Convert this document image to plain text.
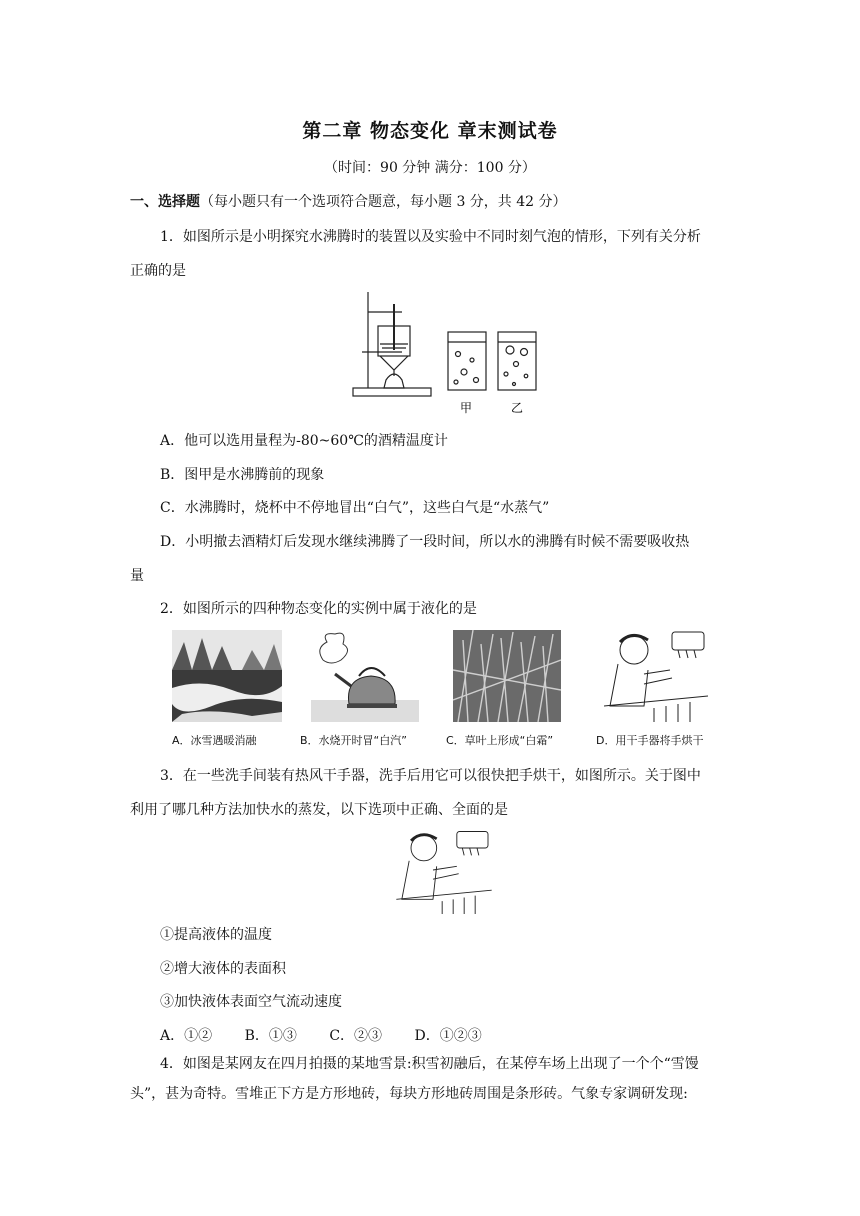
第二章 物态变化 章末测试卷
（时间：90 分钟 满分：100 分）
一、选择题（每小题只有一个选项符合题意，每小题 3 分，共 42 分）
1．如图所示是小明探究水沸腾时的装置以及实验中不同时刻气泡的情形，下列有关分析
正确的是
甲	乙
A．他可以选用量程为-80~60℃的酒精温度计
B．图甲是水沸腾前的现象
C．水沸腾时，烧杯中不停地冒出“白气”，这些白气是“水蒸气”
D．小明撤去酒精灯后发现水继续沸腾了一段时间，所以水的沸腾有时候不需要吸收热
量
2．如图所示的四种物态变化的实例中属于液化的是
A．冰雪遇暖消融	B．水烧开时冒“白汽”	C．草叶上形成“白霜”	D．用干手器将手烘干
3．在一些洗手间装有热风干手器，洗手后用它可以很快把手烘干，如图所示。关于图中
利用了哪几种方法加快水的蒸发，以下选项中正确、全面的是
①提高液体的温度
②增大液体的表面积
③加快液体表面空气流动速度
A．①② B．①③ C．②③ D．①②③
4．如图是某网友在四月拍摄的某地雪景:积雪初融后，在某停车场上出现了一个个“雪馒
头”，甚为奇特。雪堆正下方是方形地砖，每块方形地砖周围是条形砖。气象专家调研发现:
